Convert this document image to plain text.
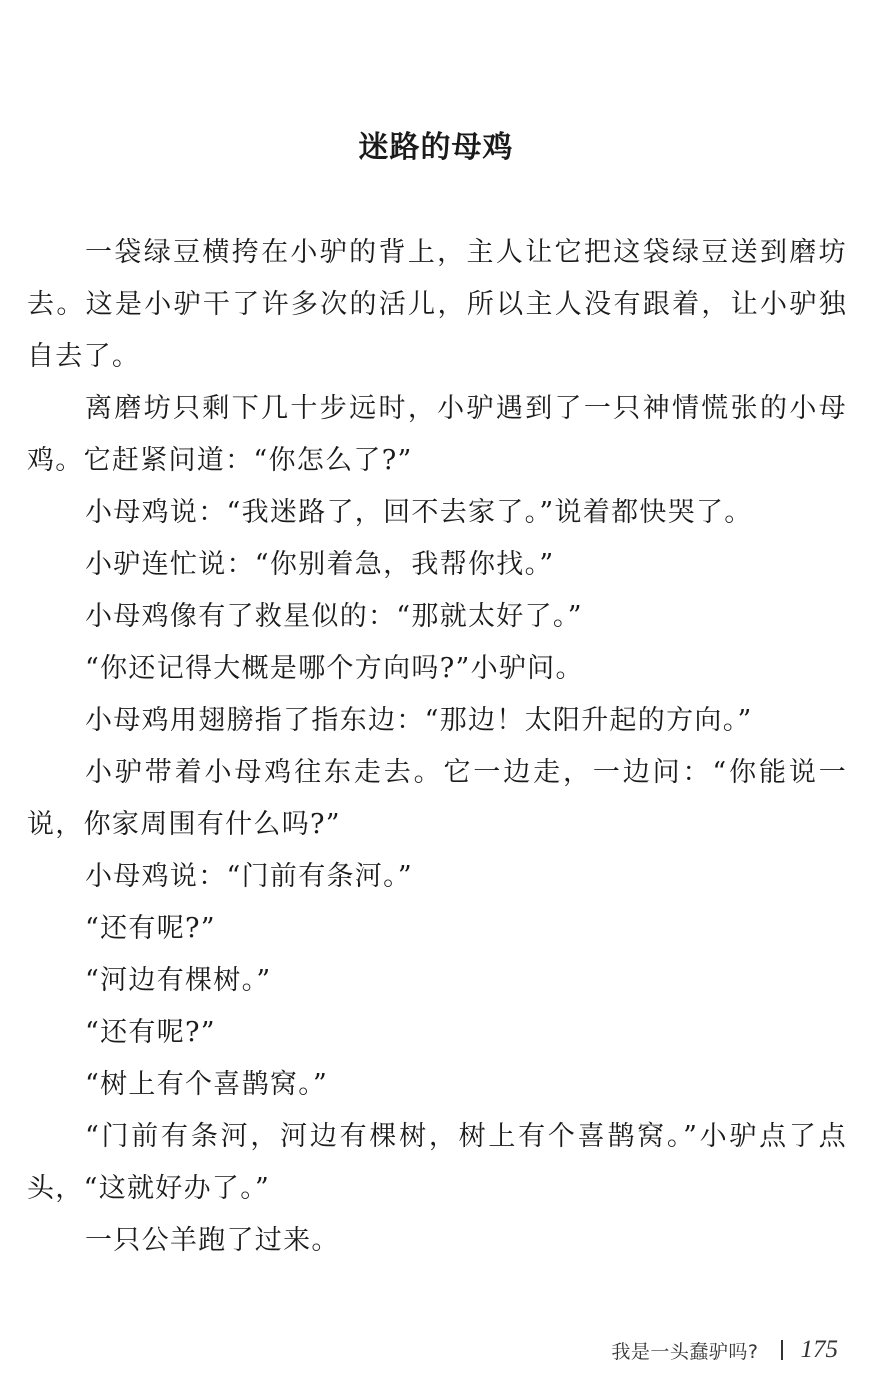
迷路的母鸡

一袋绿豆横挎在小驴的背上，主人让它把这袋绿豆送到磨坊去。这是小驴干了许多次的活儿，所以主人没有跟着，让小驴独自去了。

离磨坊只剩下几十步远时，小驴遇到了一只神情慌张的小母鸡。它赶紧问道：“你怎么了?”

小母鸡说：“我迷路了，回不去家了。”说着都快哭了。

小驴连忙说：“你别着急，我帮你找。”

小母鸡像有了救星似的：“那就太好了。”

“你还记得大概是哪个方向吗?”小驴问。

小母鸡用翅膀指了指东边：“那边！太阳升起的方向。”

小驴带着小母鸡往东走去。它一边走，一边问：“你能说一说，你家周围有什么吗?”

小母鸡说：“门前有条河。”

“还有呢?”

“河边有棵树。”

“还有呢?”

“树上有个喜鹊窝。”

“门前有条河，河边有棵树，树上有个喜鹊窝。”小驴点了点头，“这就好办了。”

一只公羊跑了过来。

我是一头蠢驴吗? 175
